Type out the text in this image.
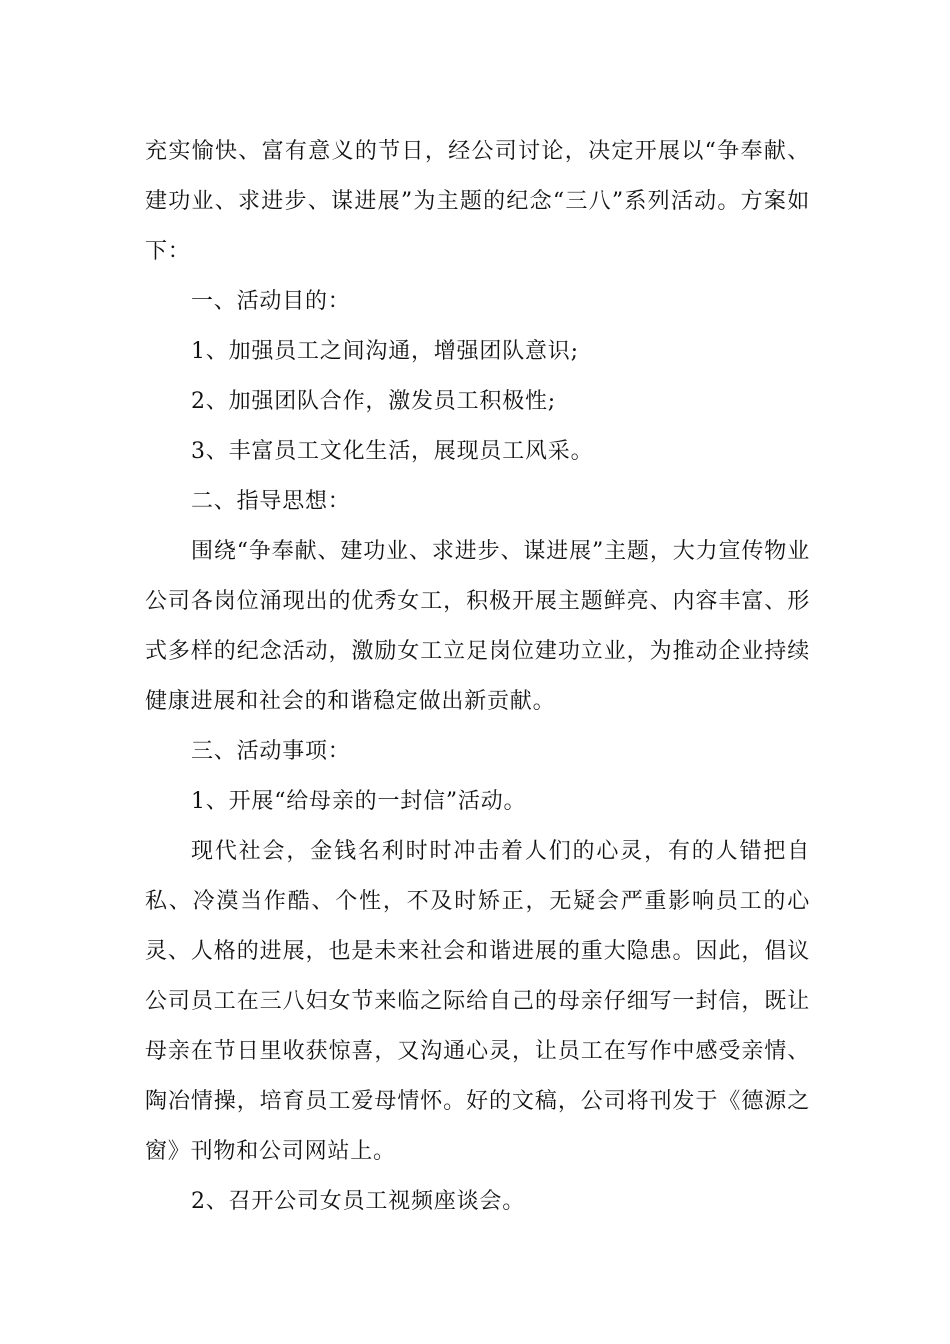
充实愉快、富有意义的节日，经公司讨论，决定开展以“争奉献、建功业、求进步、谋进展”为主题的纪念“三八”系列活动。方案如下：

一、活动目的：

1、加强员工之间沟通，增强团队意识;

2、加强团队合作，激发员工积极性;

3、丰富员工文化生活，展现员工风采。

二、指导思想：

围绕“争奉献、建功业、求进步、谋进展”主题，大力宣传物业公司各岗位涌现出的优秀女工，积极开展主题鲜亮、内容丰富、形式多样的纪念活动，激励女工立足岗位建功立业，为推动企业持续健康进展和社会的和谐稳定做出新贡献。

三、活动事项：

1、开展“给母亲的一封信”活动。

现代社会，金钱名利时时冲击着人们的心灵，有的人错把自私、冷漠当作酷、个性，不及时矫正，无疑会严重影响员工的心灵、人格的进展，也是未来社会和谐进展的重大隐患。因此，倡议公司员工在三八妇女节来临之际给自己的母亲仔细写一封信，既让母亲在节日里收获惊喜，又沟通心灵，让员工在写作中感受亲情、陶冶情操，培育员工爱母情怀。好的文稿，公司将刊发于《德源之窗》刊物和公司网站上。

2、召开公司女员工视频座谈会。
